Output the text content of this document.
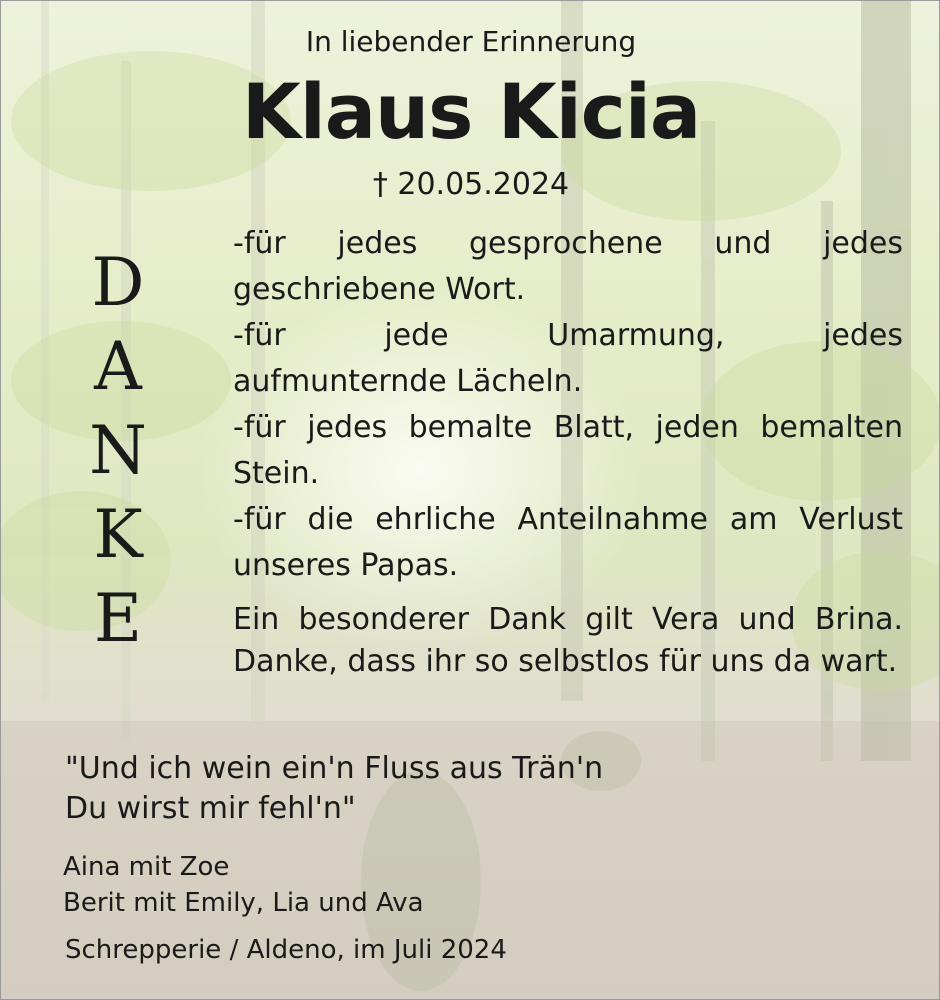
In liebender Erinnerung
Klaus Kicia
† 20.05.2024
D
A
N
K
E
-für jedes gesprochene und jedes
geschriebene Wort.
-für jede Umarmung, jedes
aufmunternde Lächeln.
-für jedes bemalte Blatt, jeden bemalten Stein.
-für die ehrliche Anteilnahme am Verlust unseres Papas.
Ein besonderer Dank gilt Vera und Brina. Danke, dass ihr so selbstlos für uns da wart.
"Und ich wein ein'n Fluss aus Trän'n
Du wirst mir fehl'n"
Aina mit Zoe
Berit mit Emily, Lia und Ava
Schrepperie / Aldeno, im Juli 2024
